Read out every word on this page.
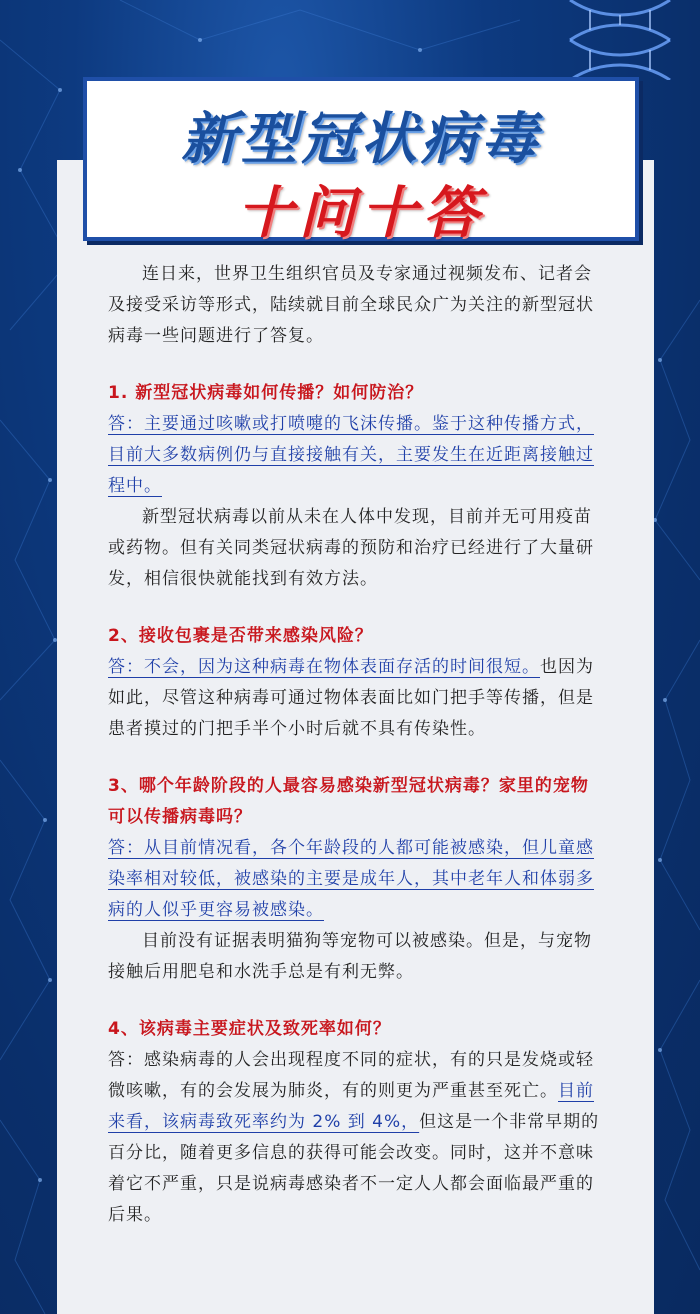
新型冠状病毒
十问十答

连日来，世界卫生组织官员及专家通过视频发布、记者会及接受采访等形式，陆续就目前全球民众广为关注的新型冠状病毒一些问题进行了答复。

1. 新型冠状病毒如何传播？如何防治？

答：主要通过咳嗽或打喷嚏的飞沫传播。鉴于这种传播方式，目前大多数病例仍与直接接触有关，主要发生在近距离接触过程中。

新型冠状病毒以前从未在人体中发现，目前并无可用疫苗或药物。但有关同类冠状病毒的预防和治疗已经进行了大量研发，相信很快就能找到有效方法。

2、接收包裹是否带来感染风险？

答：不会，因为这种病毒在物体表面存活的时间很短。也因为如此，尽管这种病毒可通过物体表面比如门把手等传播，但是患者摸过的门把手半个小时后就不具有传染性。

3、哪个年龄阶段的人最容易感染新型冠状病毒？家里的宠物可以传播病毒吗？

答：从目前情况看，各个年龄段的人都可能被感染，但儿童感染率相对较低，被感染的主要是成年人，其中老年人和体弱多病的人似乎更容易被感染。

目前没有证据表明猫狗等宠物可以被感染。但是，与宠物接触后用肥皂和水洗手总是有利无弊。

4、该病毒主要症状及致死率如何？

答：感染病毒的人会出现程度不同的症状，有的只是发烧或轻微咳嗽，有的会发展为肺炎，有的则更为严重甚至死亡。目前来看，该病毒致死率约为 2% 到 4%，但这是一个非常早期的百分比，随着更多信息的获得可能会改变。同时，这并不意味着它不严重，只是说病毒感染者不一定人人都会面临最严重的后果。
